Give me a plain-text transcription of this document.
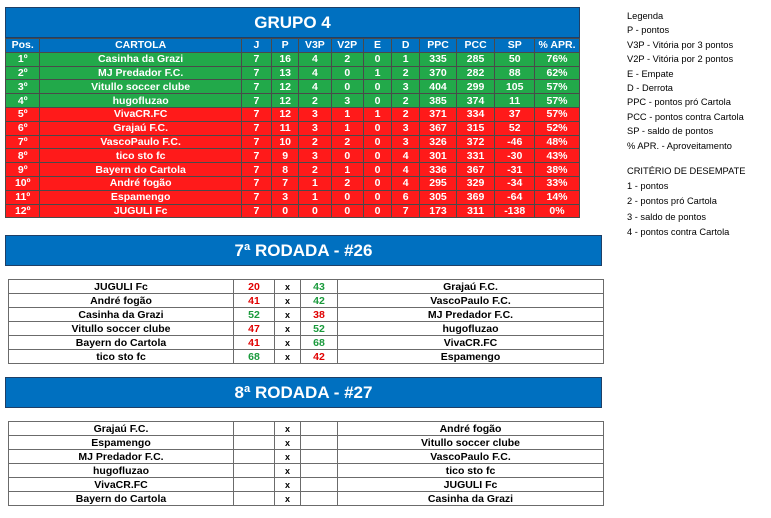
GRUPO 4
Pos.	CARTOLA	J	P	V3P	V2P	E	D	PPC	PCC	SP	% APR.
1º	Casinha da Grazi	7	16	4	2	0	1	335	285	50	76%
2º	MJ Predador F.C.	7	13	4	0	1	2	370	282	88	62%
3º	Vitullo soccer clube	7	12	4	0	0	3	404	299	105	57%
4º	hugofluzao	7	12	2	3	0	2	385	374	11	57%
5º	VivaCR.FC	7	12	3	1	1	2	371	334	37	57%
6º	Grajaú F.C.	7	11	3	1	0	3	367	315	52	52%
7º	VascoPaulo F.C.	7	10	2	2	0	3	326	372	-46	48%
8º	tico sto fc	7	9	3	0	0	4	301	331	-30	43%
9º	Bayern do Cartola	7	8	2	1	0	4	336	367	-31	38%
10º	André fogão	7	7	1	2	0	4	295	329	-34	33%
11º	Espamengo	7	3	1	0	0	6	305	369	-64	14%
12º	JUGULI Fc	7	0	0	0	0	7	173	311	-138	0%
7ª RODADA - #26
JUGULI Fc	20	x	43	Grajaú F.C.
André fogão	41	x	42	VascoPaulo F.C.
Casinha da Grazi	52	x	38	MJ Predador F.C.
Vitullo soccer clube	47	x	52	hugofluzao
Bayern do Cartola	41	x	68	VivaCR.FC
tico sto fc	68	x	42	Espamengo
8ª RODADA - #27
Grajaú F.C.		x		André fogão
Espamengo		x		Vitullo soccer clube
MJ Predador F.C.		x		VascoPaulo F.C.
hugofluzao		x		tico sto fc
VivaCR.FC		x		JUGULI Fc
Bayern do Cartola		x		Casinha da Grazi
Legenda
P - pontos
V3P - Vitória por 3 pontos
V2P - Vitória por 2 pontos
E - Empate
D - Derrota
PPC - pontos pró Cartola
PCC - pontos contra Cartola
SP - saldo de pontos
% APR. - Aproveitamento
CRITÉRIO DE DESEMPATE
1 - pontos
2 - pontos pró Cartola
3 - saldo de pontos
4 - pontos contra Cartola
